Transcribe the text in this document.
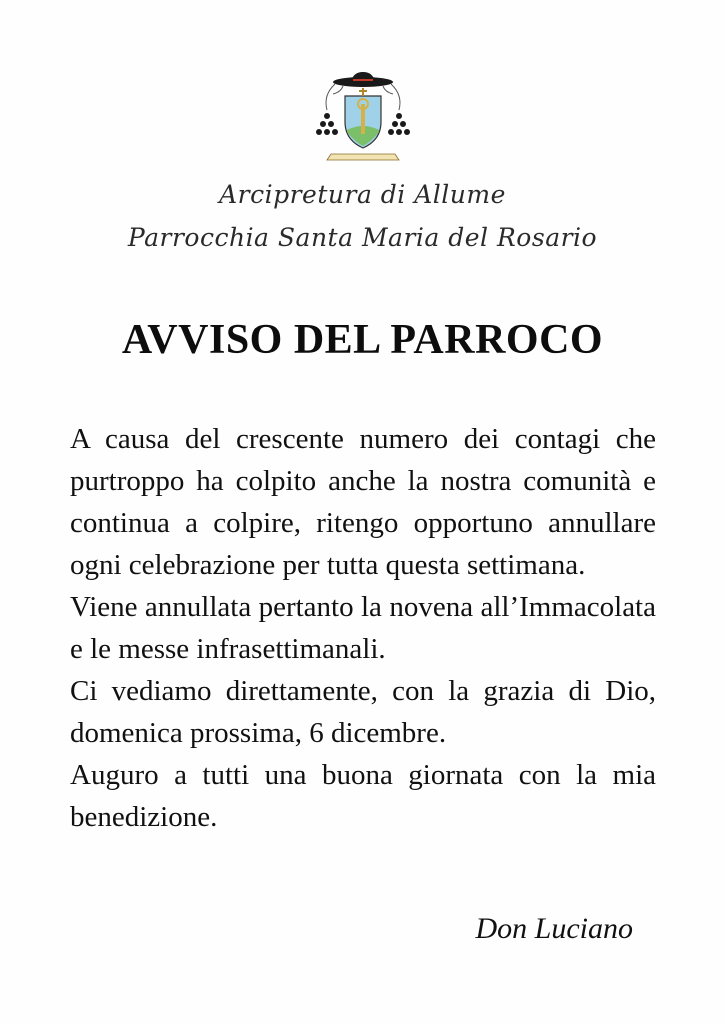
Arcipretura di Allume
Parrocchia Santa Maria del Rosario
AVVISO DEL PARROCO

A causa del crescente numero dei contagi che purtroppo ha colpito anche la nostra comunità e continua a colpire, ritengo opportuno annullare ogni celebrazione per tutta questa settimana.

Viene annullata pertanto la novena all’Immacolata e le messe infrasettimanali.

Ci vediamo direttamente, con la grazia di Dio, domenica prossima, 6 dicembre.

Auguro a tutti una buona giornata con la mia benedizione.

Don Luciano
